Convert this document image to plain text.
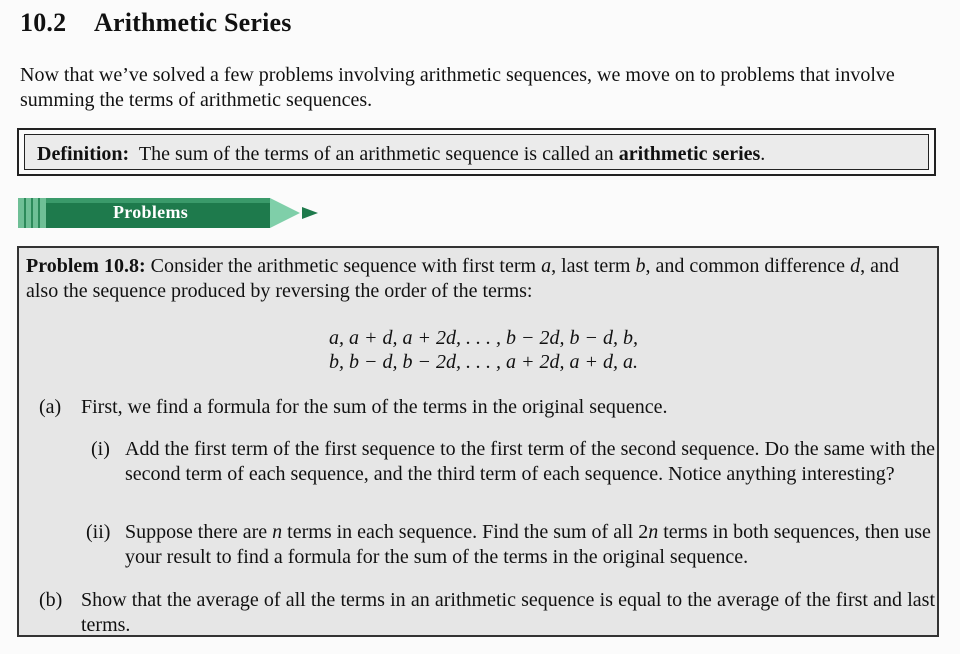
10.2 Arithmetic Series

Now that we’ve solved a few problems involving arithmetic sequences, we move on to problems that involve summing the terms of arithmetic sequences.

Definition: The sum of the terms of an arithmetic sequence is called an arithmetic series.
Problems

Problem 10.8: Consider the arithmetic sequence with first term a, last term b, and common difference d, and also the sequence produced by reversing the order of the terms:

a, a + d, a + 2d, . . . , b − 2d, b − d, b,
b, b − d, b − 2d, . . . , a + 2d, a + d, a.
(a) First, we find a formula for the sum of the terms in the original sequence.

(i) Add the first term of the first sequence to the first term of the second sequence. Do the same with the second term of each sequence, and the third term of each sequence. Notice anything interesting?

(ii) Suppose there are n terms in each sequence. Find the sum of all 2n terms in both sequences, then use your result to find a formula for the sum of the terms in the original sequence.

(b) Show that the average of all the terms in an arithmetic sequence is equal to the average of the first and last terms.
